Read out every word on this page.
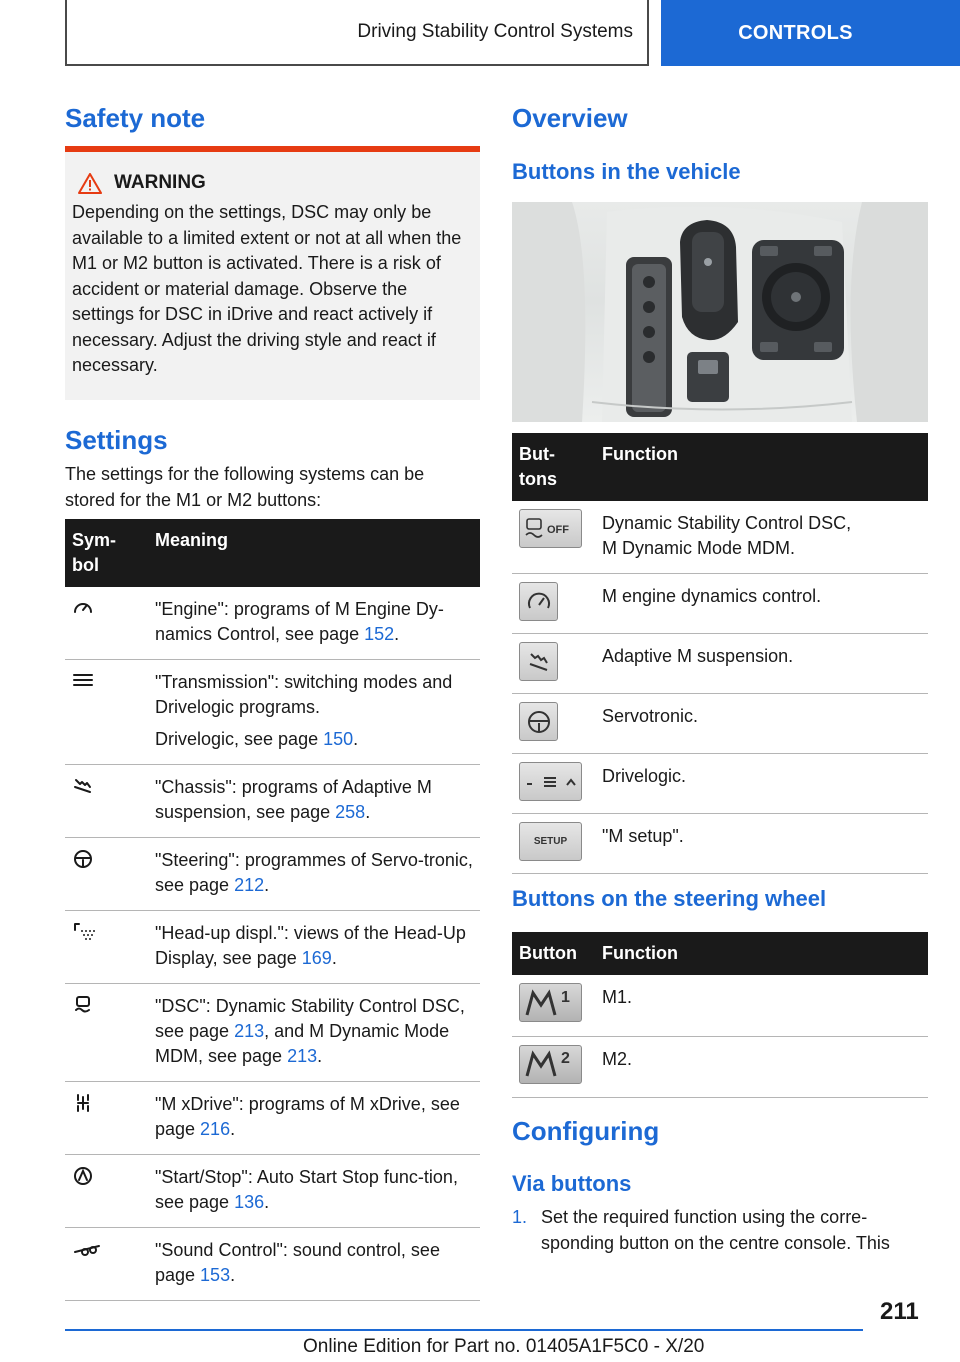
Driving Stability Control Systems	CONTROLS
Safety note
WARNING
Depending on the settings, DSC may only be available to a limited extent or not at all when the M1 or M2 button is activated. There is a risk of accident or material damage. Observe the settings for DSC in iDrive and react actively if necessary. Adjust the driving style and react if necessary.
Settings

The settings for the following systems can be stored for the M1 or M2 buttons:

Sym-
bol	Meaning

"Engine": programs of M Engine Dy-namics Control, see page 152.

"Transmission": switching modes and Drivelogic programs.
Drivelogic, see page 150.

"Chassis": programs of Adaptive M suspension, see page 258.

"Steering": programmes of Servo-tronic, see page 212.

"Head-up displ.": views of the Head-Up Display, see page 169.

"DSC": Dynamic Stability Control DSC, see page 213, and M Dynamic Mode MDM, see page 213.

"M xDrive": programs of M xDrive, see page 216.

"Start/Stop": Auto Start Stop func-tion, see page 136.

"Sound Control": sound control, see page 153.
Overview
Buttons in the vehicle
But-
tons	Function

OFF	Dynamic Stability Control DSC,
M Dynamic Mode MDM.

	M engine dynamics control.

	Adaptive M suspension.

	Servotronic.

	Drivelogic.

SETUP	"M setup".
Buttons on the steering wheel
Button	Function

1	M1.

2	M2.
Configuring
Via buttons
1. Set the required function using the corre-sponding button on the centre console. This
211
Online Edition for Part no. 01405A1F5C0 - X/20
